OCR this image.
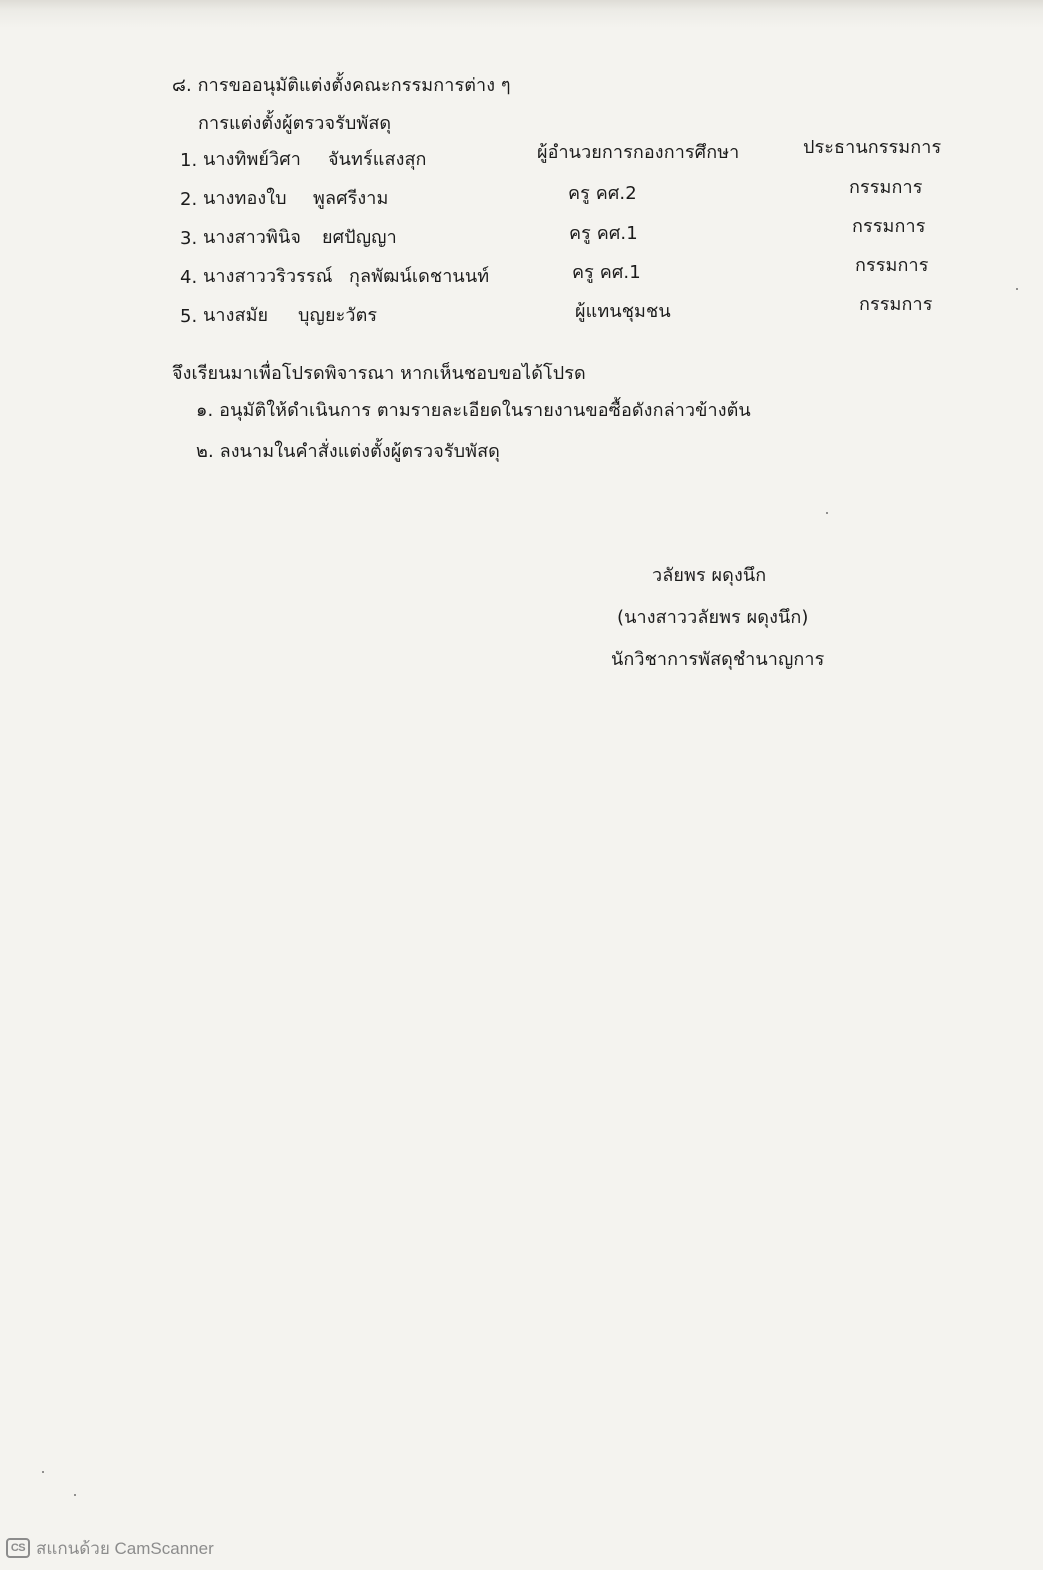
๘. การขออนุมัติแต่งตั้งคณะกรรมการต่าง ๆ
การแต่งตั้งผู้ตรวจรับพัสดุ
1. นางทิพย์วิศา จันทร์แสงสุก	ผู้อำนวยการกองการศึกษา	ประธานกรรมการ
2. นางทองใบ พูลศรีงาม	ครู คศ.2	กรรมการ
3. นางสาวพินิจ ยศปัญญา	ครู คศ.1	กรรมการ
4. นางสาววริวรรณ์ กุลพัฒน์เดชานนท์	ครู คศ.1	กรรมการ
5. นางสมัย บุญยะวัตร	ผู้แทนชุมชน	กรรมการ
จึงเรียนมาเพื่อโปรดพิจารณา หากเห็นชอบขอได้โปรด
๑. อนุมัติให้ดำเนินการ ตามรายละเอียดในรายงานขอซื้อดังกล่าวข้างต้น
๒. ลงนามในคำสั่งแต่งตั้งผู้ตรวจรับพัสดุ
วลัยพร ผดุงนึก
(นางสาววลัยพร ผดุงนึก)
นักวิชาการพัสดุชำนาญการ
CS สแกนด้วย CamScanner
